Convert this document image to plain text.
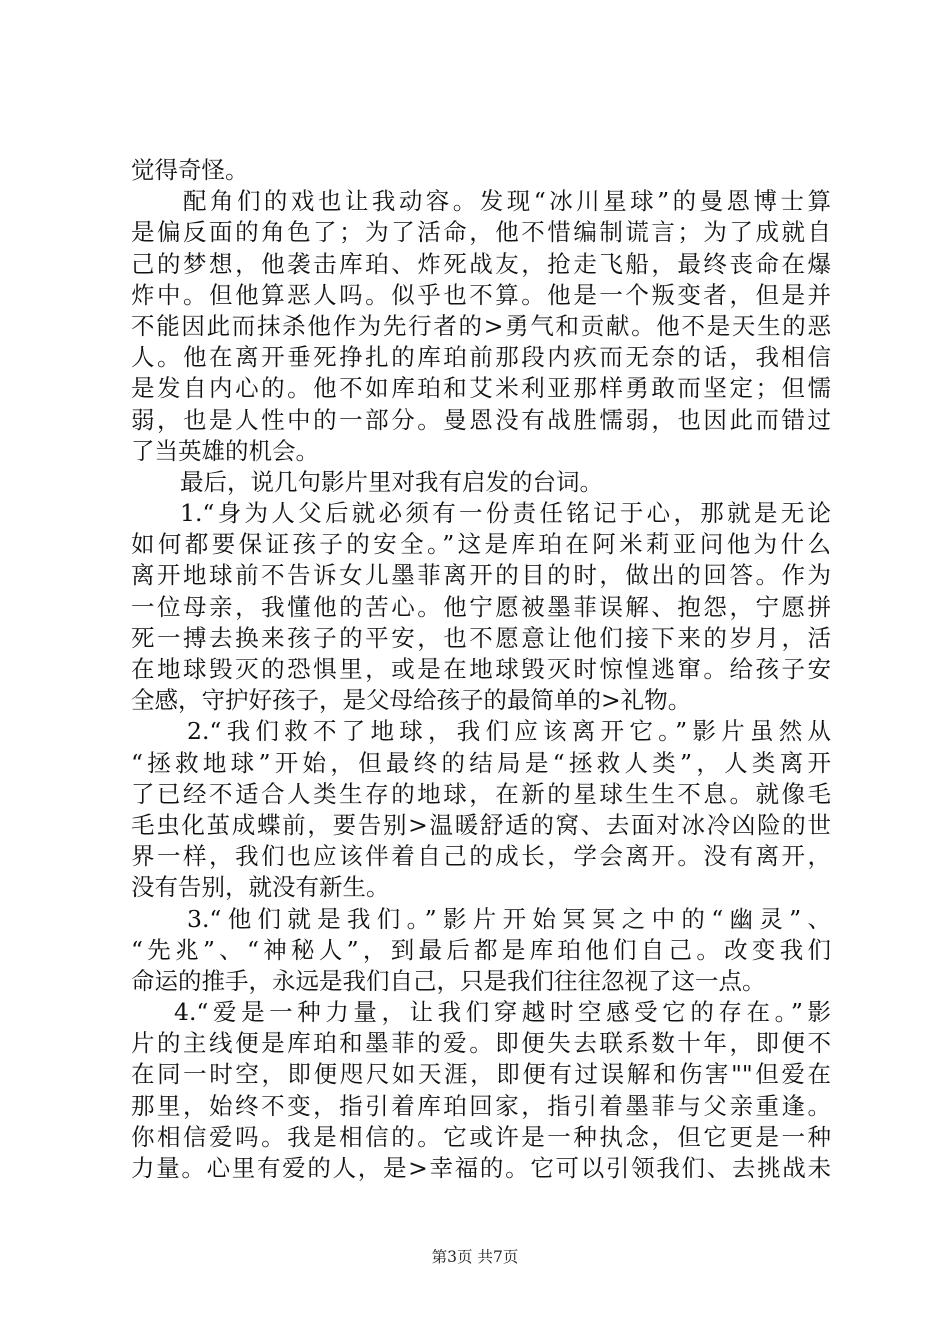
觉得奇怪。
配角们的戏也让我动容。发现“冰川星球”的曼恩博士算
是偏反面的角色了；为了活命，他不惜编制谎言；为了成就自
己的梦想，他袭击库珀、炸死战友，抢走飞船，最终丧命在爆
炸中。但他算恶人吗。似乎也不算。他是一个叛变者，但是并
不能因此而抹杀他作为先行者的>勇气和贡献。他不是天生的恶
人。他在离开垂死挣扎的库珀前那段内疚而无奈的话，我相信
是发自内心的。他不如库珀和艾米利亚那样勇敢而坚定；但懦
弱，也是人性中的一部分。曼恩没有战胜懦弱，也因此而错过
了当英雄的机会。
最后，说几句影片里对我有启发的台词。
1.“身为人父后就必须有一份责任铭记于心，那就是无论
如何都要保证孩子的安全。”这是库珀在阿米莉亚问他为什么
离开地球前不告诉女儿墨菲离开的目的时，做出的回答。作为
一位母亲，我懂他的苦心。他宁愿被墨菲误解、抱怨，宁愿拼
死一搏去换来孩子的平安，也不愿意让他们接下来的岁月，活
在地球毁灭的恐惧里，或是在地球毁灭时惊惶逃窜。给孩子安
全感，守护好孩子，是父母给孩子的最简单的>礼物。
2.“我们救不了地球，我们应该离开它。”影片虽然从
“拯救地球”开始，但最终的结局是“拯救人类”，人类离开
了已经不适合人类生存的地球，在新的星球生生不息。就像毛
毛虫化茧成蝶前，要告别>温暖舒适的窝、去面对冰冷凶险的世
界一样，我们也应该伴着自己的成长，学会离开。没有离开，
没有告别，就没有新生。
3.“他们就是我们。”影片开始冥冥之中的“幽灵”、
“先兆”、“神秘人”，到最后都是库珀他们自己。改变我们
命运的推手，永远是我们自己，只是我们往往忽视了这一点。
4.“爱是一种力量，让我们穿越时空感受它的存在。”影
片的主线便是库珀和墨菲的爱。即便失去联系数十年，即便不
在同一时空，即便咫尺如天涯，即便有过误解和伤害""但爱在
那里，始终不变，指引着库珀回家，指引着墨菲与父亲重逢。
你相信爱吗。我是相信的。它或许是一种执念，但它更是一种
力量。心里有爱的人，是>幸福的。它可以引领我们、去挑战未
第3页 共7页
